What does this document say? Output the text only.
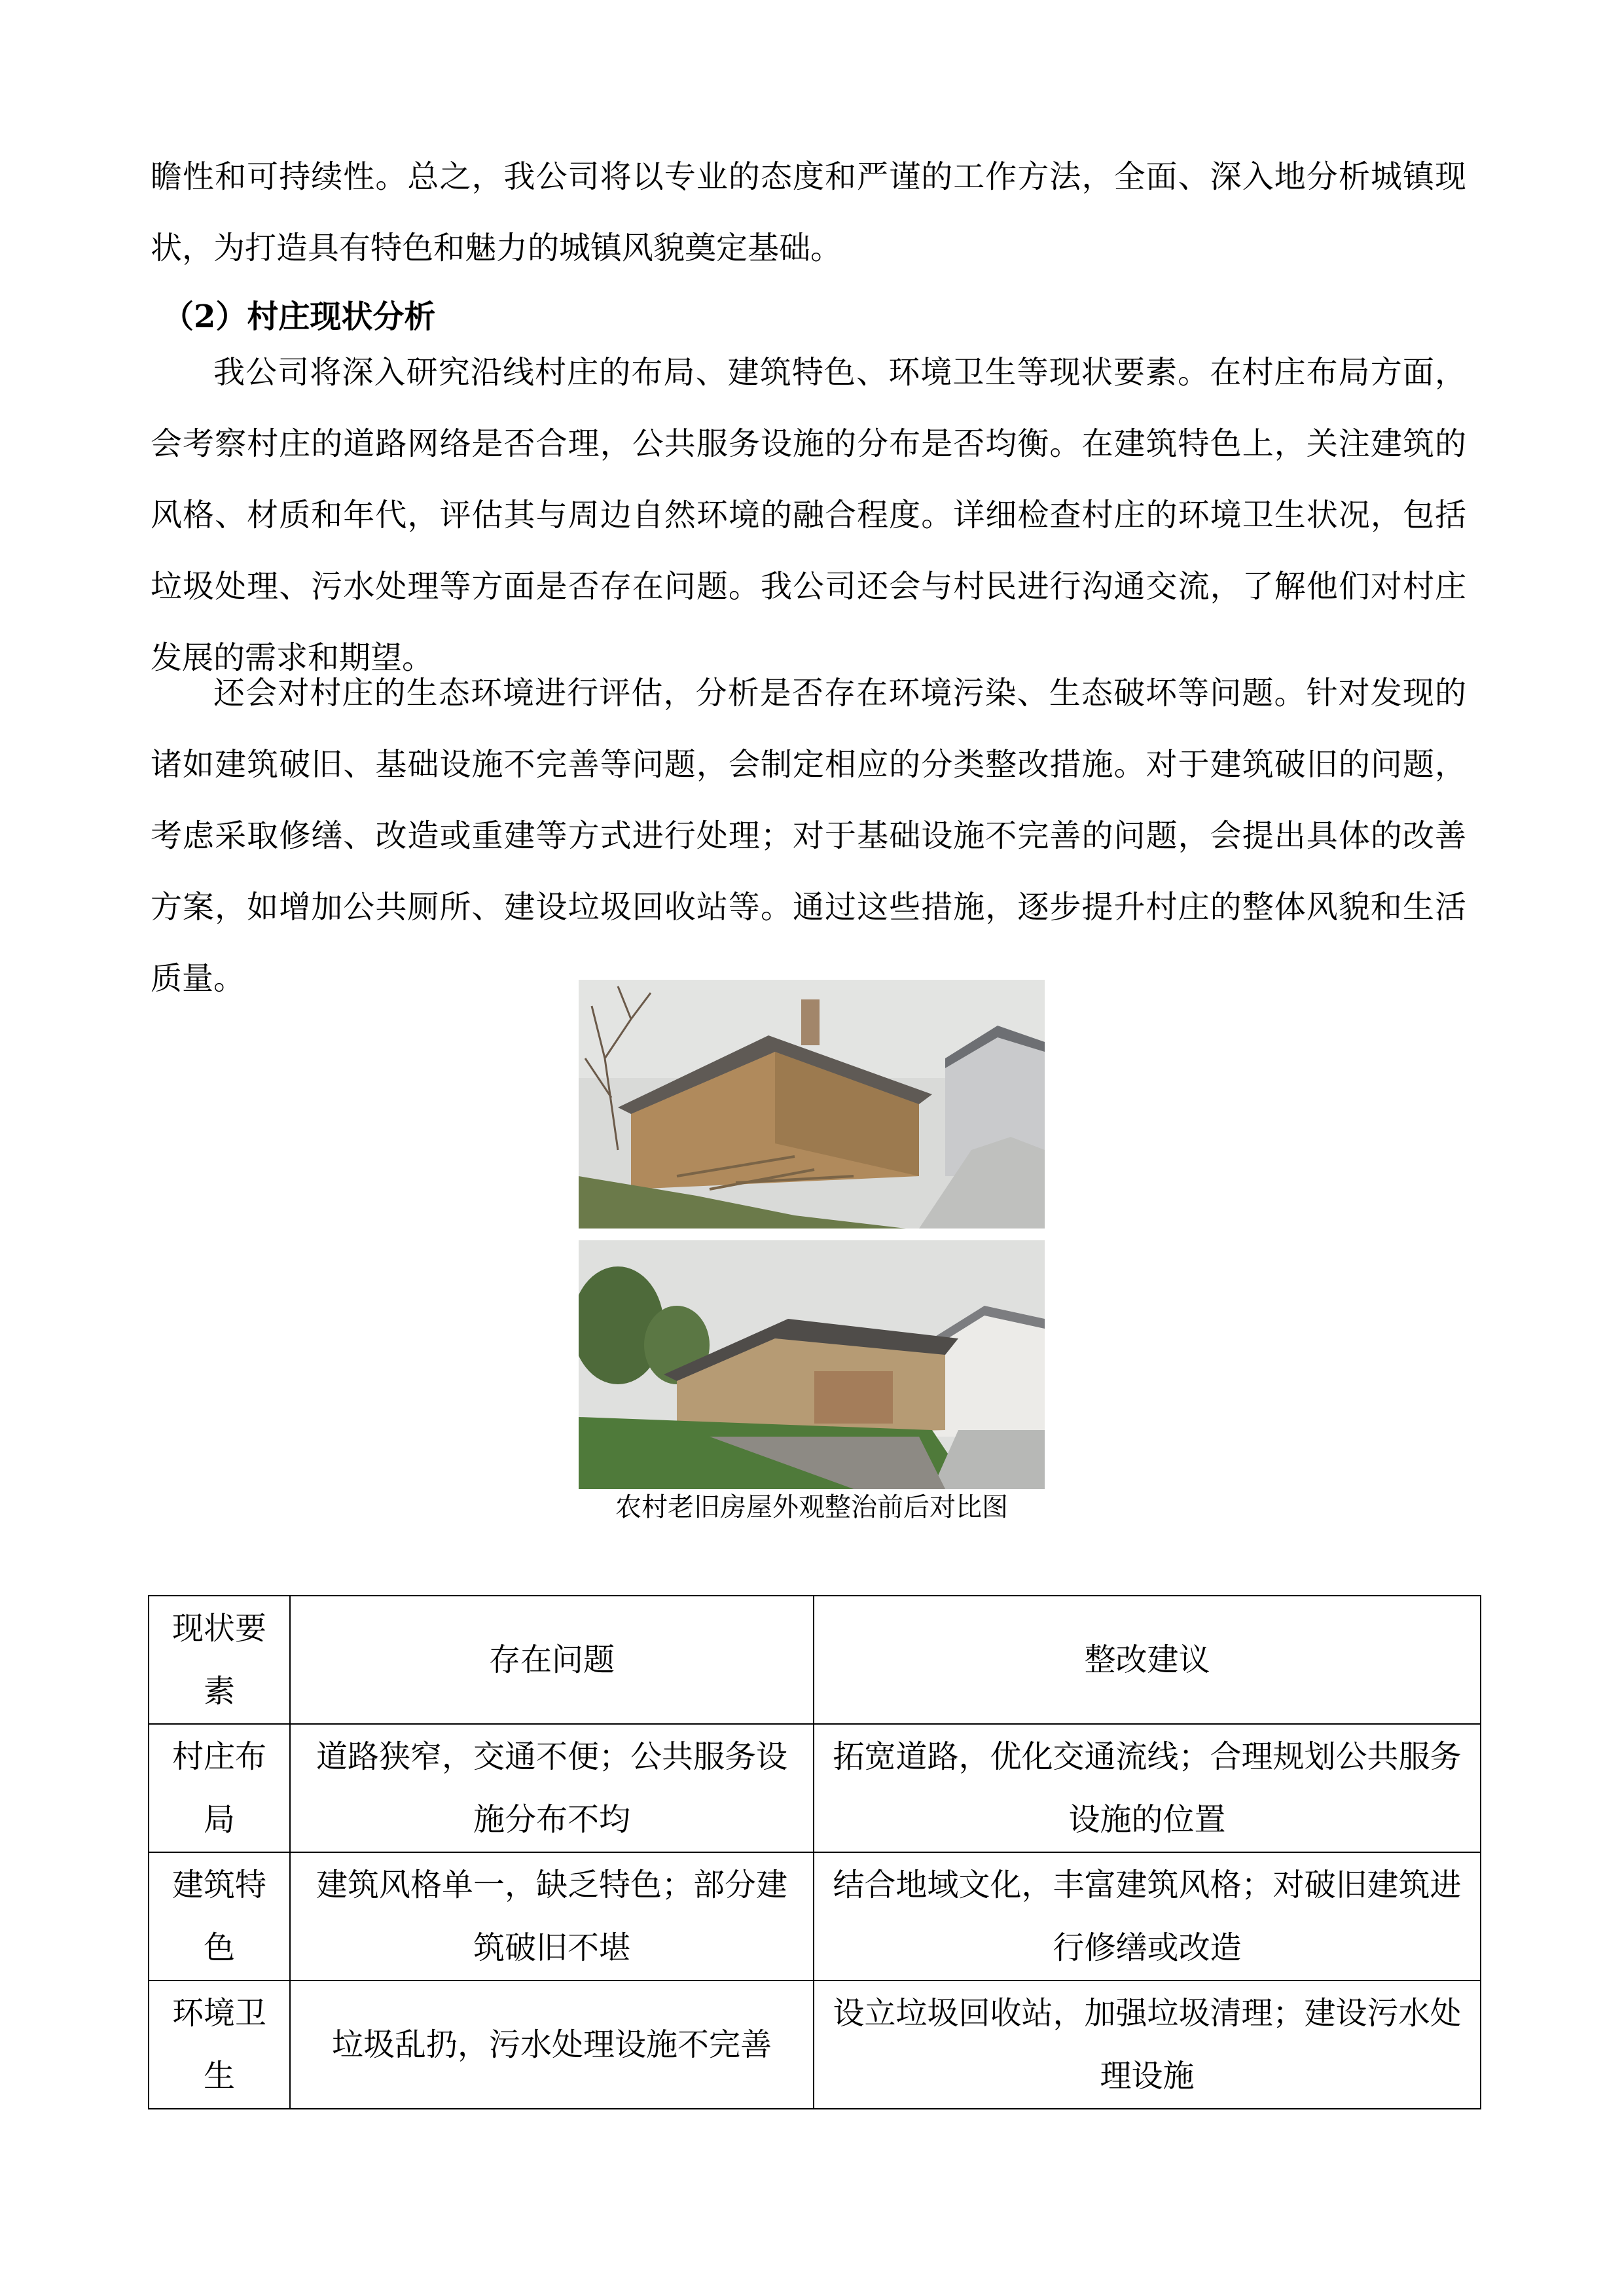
瞻性和可持续性。总之，我公司将以专业的态度和严谨的工作方法，全面、深入地分析城镇现状，为打造具有特色和魅力的城镇风貌奠定基础。

（2）村庄现状分析

我公司将深入研究沿线村庄的布局、建筑特色、环境卫生等现状要素。在村庄布局方面，会考察村庄的道路网络是否合理，公共服务设施的分布是否均衡。在建筑特色上，关注建筑的风格、材质和年代，评估其与周边自然环境的融合程度。详细检查村庄的环境卫生状况，包括垃圾处理、污水处理等方面是否存在问题。我公司还会与村民进行沟通交流，了解他们对村庄发展的需求和期望。

还会对村庄的生态环境进行评估，分析是否存在环境污染、生态破坏等问题。针对发现的诸如建筑破旧、基础设施不完善等问题，会制定相应的分类整改措施。对于建筑破旧的问题，考虑采取修缮、改造或重建等方式进行处理；对于基础设施不完善的问题，会提出具体的改善方案，如增加公共厕所、建设垃圾回收站等。通过这些措施，逐步提升村庄的整体风貌和生活质量。

农村老旧房屋外观整治前后对比图

现状要素	存在问题	整改建议
村庄布局	道路狭窄，交通不便；公共服务设施分布不均	拓宽道路，优化交通流线；合理规划公共服务设施的位置
建筑特色	建筑风格单一，缺乏特色；部分建筑破旧不堪	结合地域文化，丰富建筑风格；对破旧建筑进行修缮或改造
环境卫生	垃圾乱扔，污水处理设施不完善	设立垃圾回收站，加强垃圾清理；建设污水处理设施
